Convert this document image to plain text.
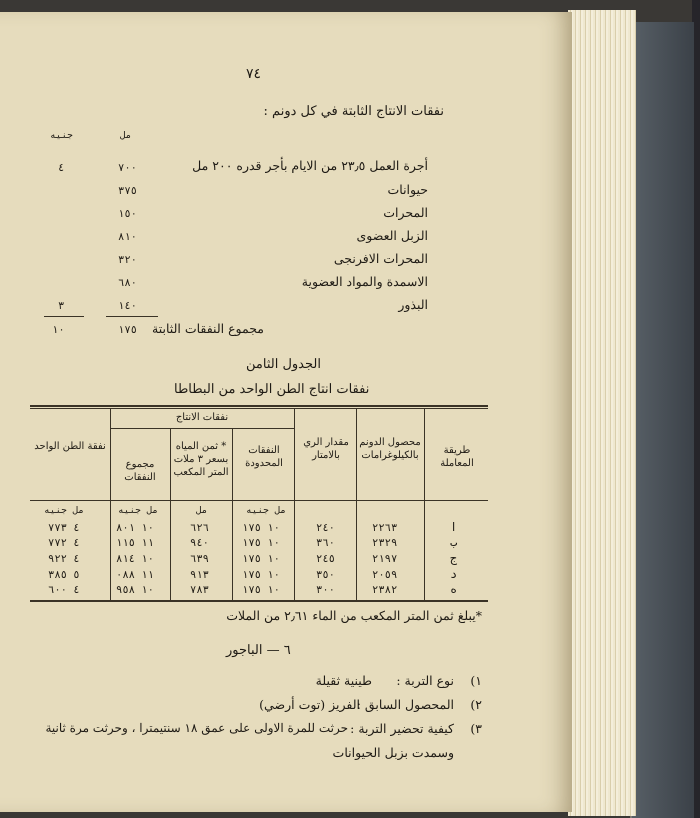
٧٤
نفقات الانتاج الثابتة في كل دونم :
مل
جنيه
أجرة العمل ٢٣٫٥ من الايام بأجر قدره ٢٠٠ مل
٧٠٠
٤
حيوانات
٣٧٥
المحرات
١٥٠
الزبل العضوى
٨١٠
المحرات الافرنجى
٣٢٠
الاسمدة والمواد العضوية
٦٨٠
البذور
١٤٠
٣
مجموع النفقات الثابتة
١٧٥
١٠
الجدول الثامن
نفقات انتاج الطن الواحد من البطاطا
طريقة المعاملة
محصول الدونم بالكيلوغرامات
مقدار الري بالامتار
نفقات الانتاج
النفقات المحدودة
* ثمن المياه بسعر ٣ ملات المتر المكعب
مجموع النفقات
نفقة الطن الواحد
مل جنيه
مل
مل جنيه
مل جنيه
ا
٢٢٦٣
٢٤٠
١٠ ١٧٥
٦٢٦
١٠ ٨٠١
٤ ٧٧٣
ب
٢٣٢٩
٣٦٠
١٠ ١٧٥
٩٤٠
١١ ١١٥
٤ ٧٧٢
ج
٢١٩٧
٢٤٥
١٠ ١٧٥
٦٣٩
١٠ ٨١٤
٤ ٩٢٢
د
٢٠٥٩
٣٥٠
١٠ ١٧٥
٩١٣
١١ ٠٨٨
٥ ٣٨٥
ه
٢٣٨٢
٣٠٠
١٠ ١٧٥
٧٨٣
١٠ ٩٥٨
٤ ٦٠٠
*يبلغ ثمن المتر المكعب من الماء ٢٫٦١ من الملات
٦ — الباجور
١)
نوع التربة :
طينية ثقيلة
٢)
المحصول السابق :
الفريز (توت أرضي)
٣)
كيفية تحضير التربة :
حرثت للمرة الاولى على عمق ١٨ سنتيمترا ، وحرثت مرة ثانية
وسمدت بزبل الحيوانات
